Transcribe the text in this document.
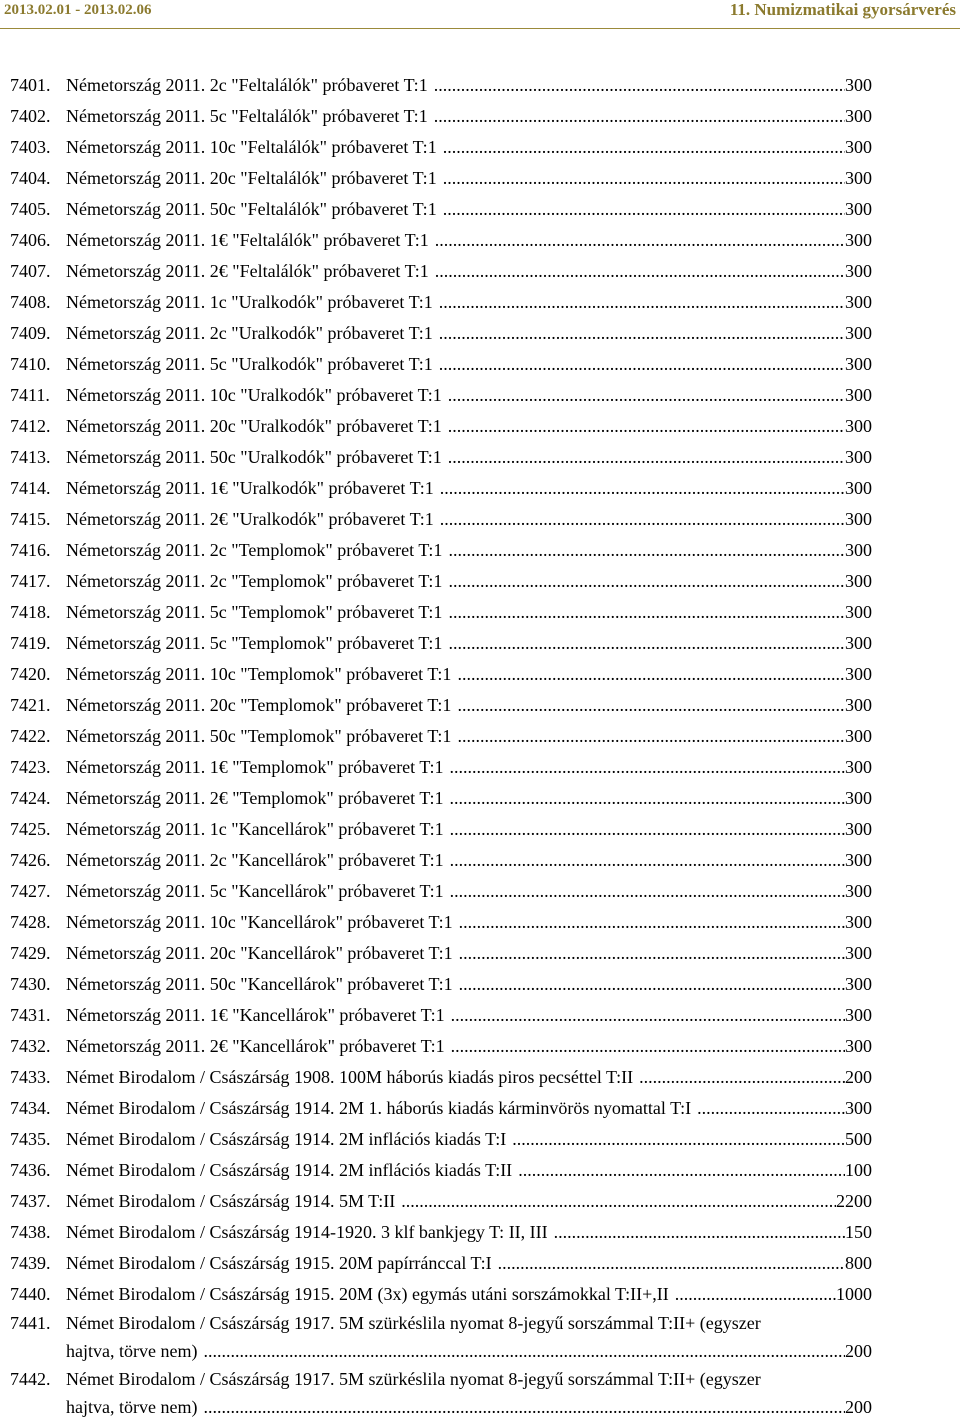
2013.02.01 - 2013.02.06	11. Numizmatikai gyorsárverés
7401. Németország 2011. 2c "Feltalálók" próbaveret T:1 .....	300
7402. Németország 2011. 5c "Feltalálók" próbaveret T:1 .....	300
7403. Németország 2011. 10c "Feltalálók" próbaveret T:1 .....	300
7404. Németország 2011. 20c "Feltalálók" próbaveret T:1 .....	300
7405. Németország 2011. 50c "Feltalálók" próbaveret T:1 .....	300
7406. Németország 2011. 1€ "Feltalálók" próbaveret T:1 .....	300
7407. Németország 2011. 2€ "Feltalálók" próbaveret T:1 .....	300
7408. Németország 2011. 1c "Uralkodók" próbaveret T:1 .....	300
7409. Németország 2011. 2c "Uralkodók" próbaveret T:1 .....	300
7410. Németország 2011. 5c "Uralkodók" próbaveret T:1 .....	300
7411. Németország 2011. 10c "Uralkodók" próbaveret T:1 .....	300
7412. Németország 2011. 20c "Uralkodók" próbaveret T:1 .....	300
7413. Németország 2011. 50c "Uralkodók" próbaveret T:1 .....	300
7414. Németország 2011. 1€ "Uralkodók" próbaveret T:1 .....	300
7415. Németország 2011. 2€ "Uralkodók" próbaveret T:1 .....	300
7416. Németország 2011. 2c "Templomok" próbaveret T:1 .....	300
7417. Németország 2011. 2c "Templomok" próbaveret T:1 .....	300
7418. Németország 2011. 5c "Templomok" próbaveret T:1 .....	300
7419. Németország 2011. 5c "Templomok" próbaveret T:1 .....	300
7420. Németország 2011. 10c "Templomok" próbaveret T:1 .....	300
7421. Németország 2011. 20c "Templomok" próbaveret T:1 .....	300
7422. Németország 2011. 50c "Templomok" próbaveret T:1 .....	300
7423. Németország 2011. 1€ "Templomok" próbaveret T:1 .....	300
7424. Németország 2011. 2€ "Templomok" próbaveret T:1 .....	300
7425. Németország 2011. 1c "Kancellárok" próbaveret T:1 .....	300
7426. Németország 2011. 2c "Kancellárok" próbaveret T:1 .....	300
7427. Németország 2011. 5c "Kancellárok" próbaveret T:1 .....	300
7428. Németország 2011. 10c "Kancellárok" próbaveret T:1 .....	300
7429. Németország 2011. 20c "Kancellárok" próbaveret T:1 .....	300
7430. Németország 2011. 50c "Kancellárok" próbaveret T:1 .....	300
7431. Németország 2011. 1€ "Kancellárok" próbaveret T:1 .....	300
7432. Németország 2011. 2€ "Kancellárok" próbaveret T:1 .....	300
7433. Német Birodalom / Császárság 1908. 100M háborús kiadás piros pecséttel T:II .....	200
7434. Német Birodalom / Császárság 1914. 2M 1. háborús kiadás kárminvörös nyomattal T:I .....	300
7435. Német Birodalom / Császárság 1914. 2M inflációs kiadás T:I .....	500
7436. Német Birodalom / Császárság 1914. 2M inflációs kiadás T:II .....	100
7437. Német Birodalom / Császárság 1914. 5M T:II .....	2200
7438. Német Birodalom / Császárság 1914-1920. 3 klf bankjegy T: II, III .....	150
7439. Német Birodalom / Császárság 1915. 20M papírránccal T:I .....	800
7440. Német Birodalom / Császárság 1915. 20M (3x) egymás utáni sorszámokkal T:II+,II .....	1000
7441. Német Birodalom / Császárság 1917. 5M szürkéslila nyomat 8-jegyű sorszámmal T:II+ (egyszer
hajtva, törve nem) .....	200
7442. Német Birodalom / Császárság 1917. 5M szürkéslila nyomat 8-jegyű sorszámmal T:II+ (egyszer
hajtva, törve nem) .....	200
